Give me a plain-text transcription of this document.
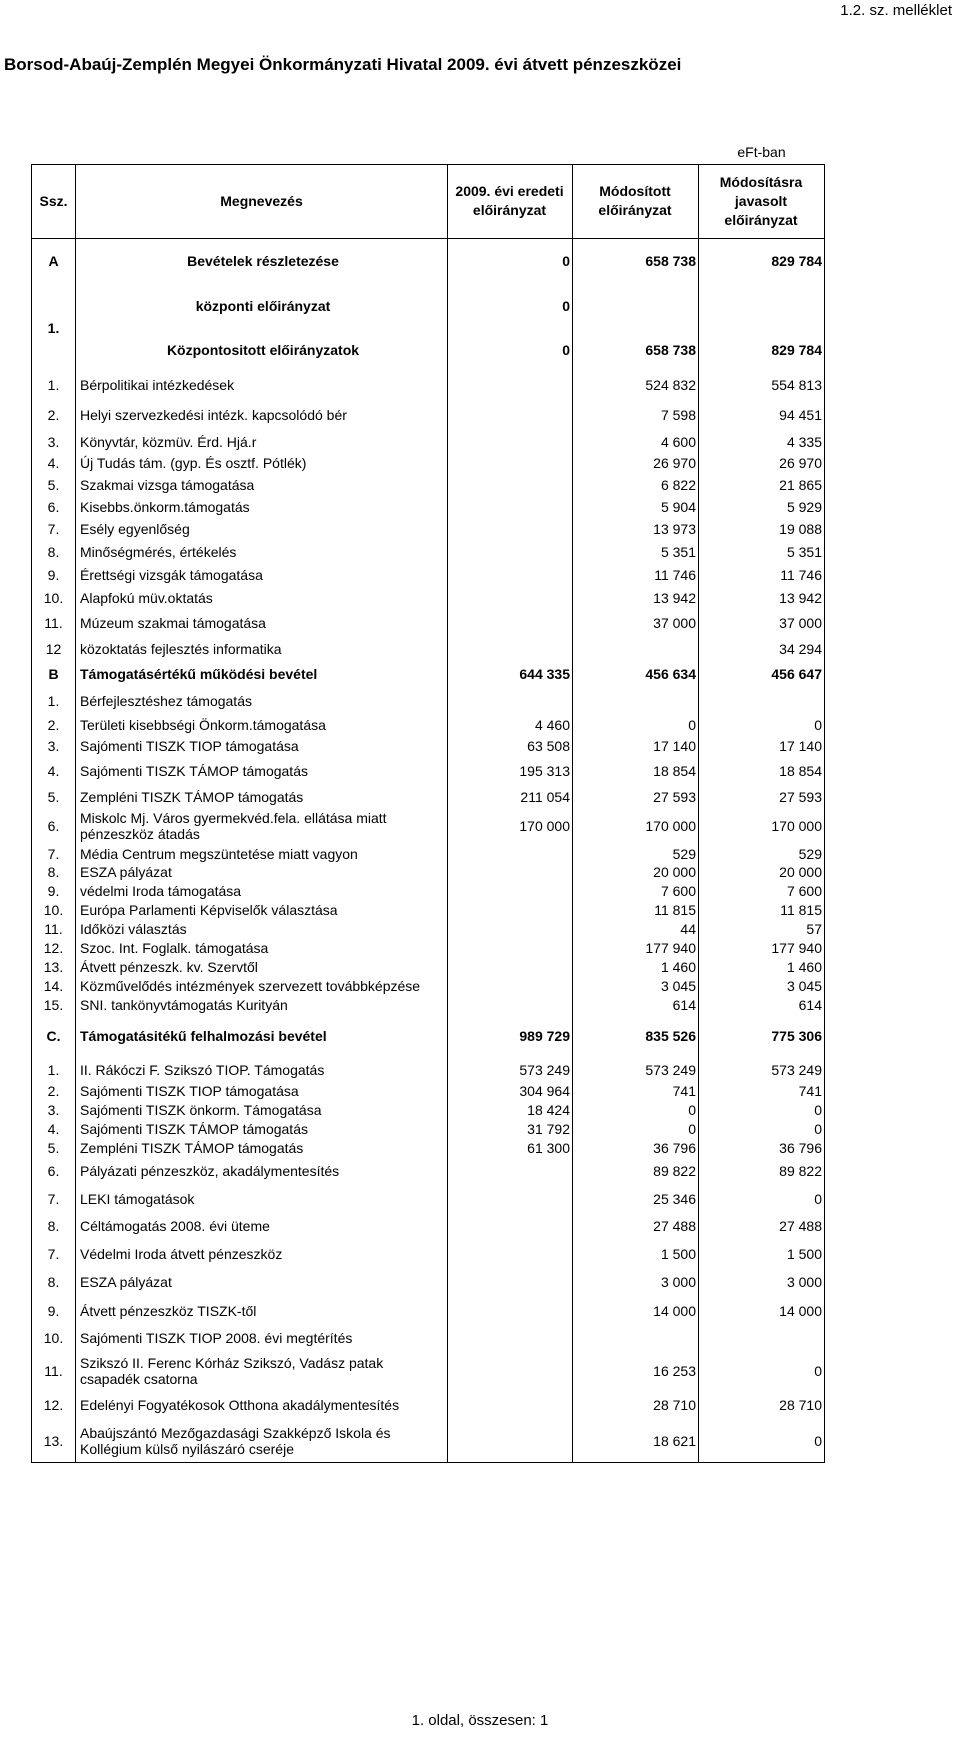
1.2. sz. melléklet
Borsod-Abaúj-Zemplén Megyei Önkormányzati Hivatal 2009. évi átvett pénzeszközei
				eFt-ban
Ssz.	Megnevezés	2009. évi eredeti előirányzat	Módosított előirányzat	Módosításra javasolt előirányzat
A	Bevételek részletezése	0	658 738	829 784
1.	központi előirányzat	0		
	Központositott előirányzatok	0	658 738	829 784
1.	Bérpolitikai intézkedések		524 832	554 813
2.	Helyi szervezkedési intézk. kapcsolódó bér		7 598	94 451
3.	Könyvtár, közmüv. Érd. Hjá.r		4 600	4 335
4.	Új Tudás tám. (gyp. És osztf. Pótlék)		26 970	26 970
5.	Szakmai vizsga támogatása		6 822	21 865
6.	Kisebbs.önkorm.támogatás		5 904	5 929
7.	Esély egyenlőség		13 973	19 088
8.	Minőségmérés, értékelés		5 351	5 351
9.	Érettségi vizsgák támogatása		11 746	11 746
10.	Alapfokú müv.oktatás		13 942	13 942
11.	Múzeum szakmai támogatása		37 000	37 000
12	közoktatás fejlesztés informatika			34 294
B	Támogatásértékű működési bevétel	644 335	456 634	456 647
1.	Bérfejlesztéshez támogatás			
2.	Területi kisebbségi Önkorm.támogatása	4 460	0	0
3.	Sajómenti TISZK TIOP támogatása	63 508	17 140	17 140
4.	Sajómenti TISZK TÁMOP támogatás	195 313	18 854	18 854
5.	Zempléni TISZK TÁMOP támogatás	211 054	27 593	27 593
6.	Miskolc Mj. Város gyermekvéd.fela. ellátása miatt pénzeszköz átadás	170 000	170 000	170 000
7.	Média Centrum megszüntetése miatt vagyon		529	529
8.	ESZA pályázat		20 000	20 000
9.	védelmi Iroda támogatása		7 600	7 600
10.	Európa Parlamenti Képviselők választása		11 815	11 815
11.	Időközi választás		44	57
12.	Szoc. Int. Foglalk. támogatása		177 940	177 940
13.	Átvett pénzeszk. kv. Szervtől		1 460	1 460
14.	Közművelődés intézmények szervezett továbbképzése		3 045	3 045
15.	SNI. tankönyvtámogatás Kurityán		614	614
C.	Támogatásitékű felhalmozási bevétel	989 729	835 526	775 306
1.	II. Rákóczi F. Szikszó TIOP. Támogatás	573 249	573 249	573 249
2.	Sajómenti TISZK TIOP támogatása	304 964	741	741
3.	Sajómenti TISZK önkorm. Támogatása	18 424	0	0
4.	Sajómenti TISZK TÁMOP támogatás	31 792	0	0
5.	Zempléni TISZK TÁMOP támogatás	61 300	36 796	36 796
6.	Pályázati pénzeszköz, akadálymentesítés		89 822	89 822
7.	LEKI támogatások		25 346	0
8.	Céltámogatás 2008. évi üteme		27 488	27 488
7.	Védelmi Iroda átvett pénzeszköz		1 500	1 500
8.	ESZA pályázat		3 000	3 000
9.	Átvett pénzeszköz TISZK-től		14 000	14 000
10.	Sajómenti TISZK TIOP 2008. évi megtérítés			
11.	Szikszó II. Ferenc Kórház Szikszó, Vadász patak csapadék csatorna		16 253	0
12.	Edelényi Fogyatékosok Otthona akadálymentesítés		28 710	28 710
13.	Abaújszántó Mezőgazdasági Szakképző Iskola és Kollégium külső nyilászáró cseréje		18 621	0
1. oldal, összesen: 1
